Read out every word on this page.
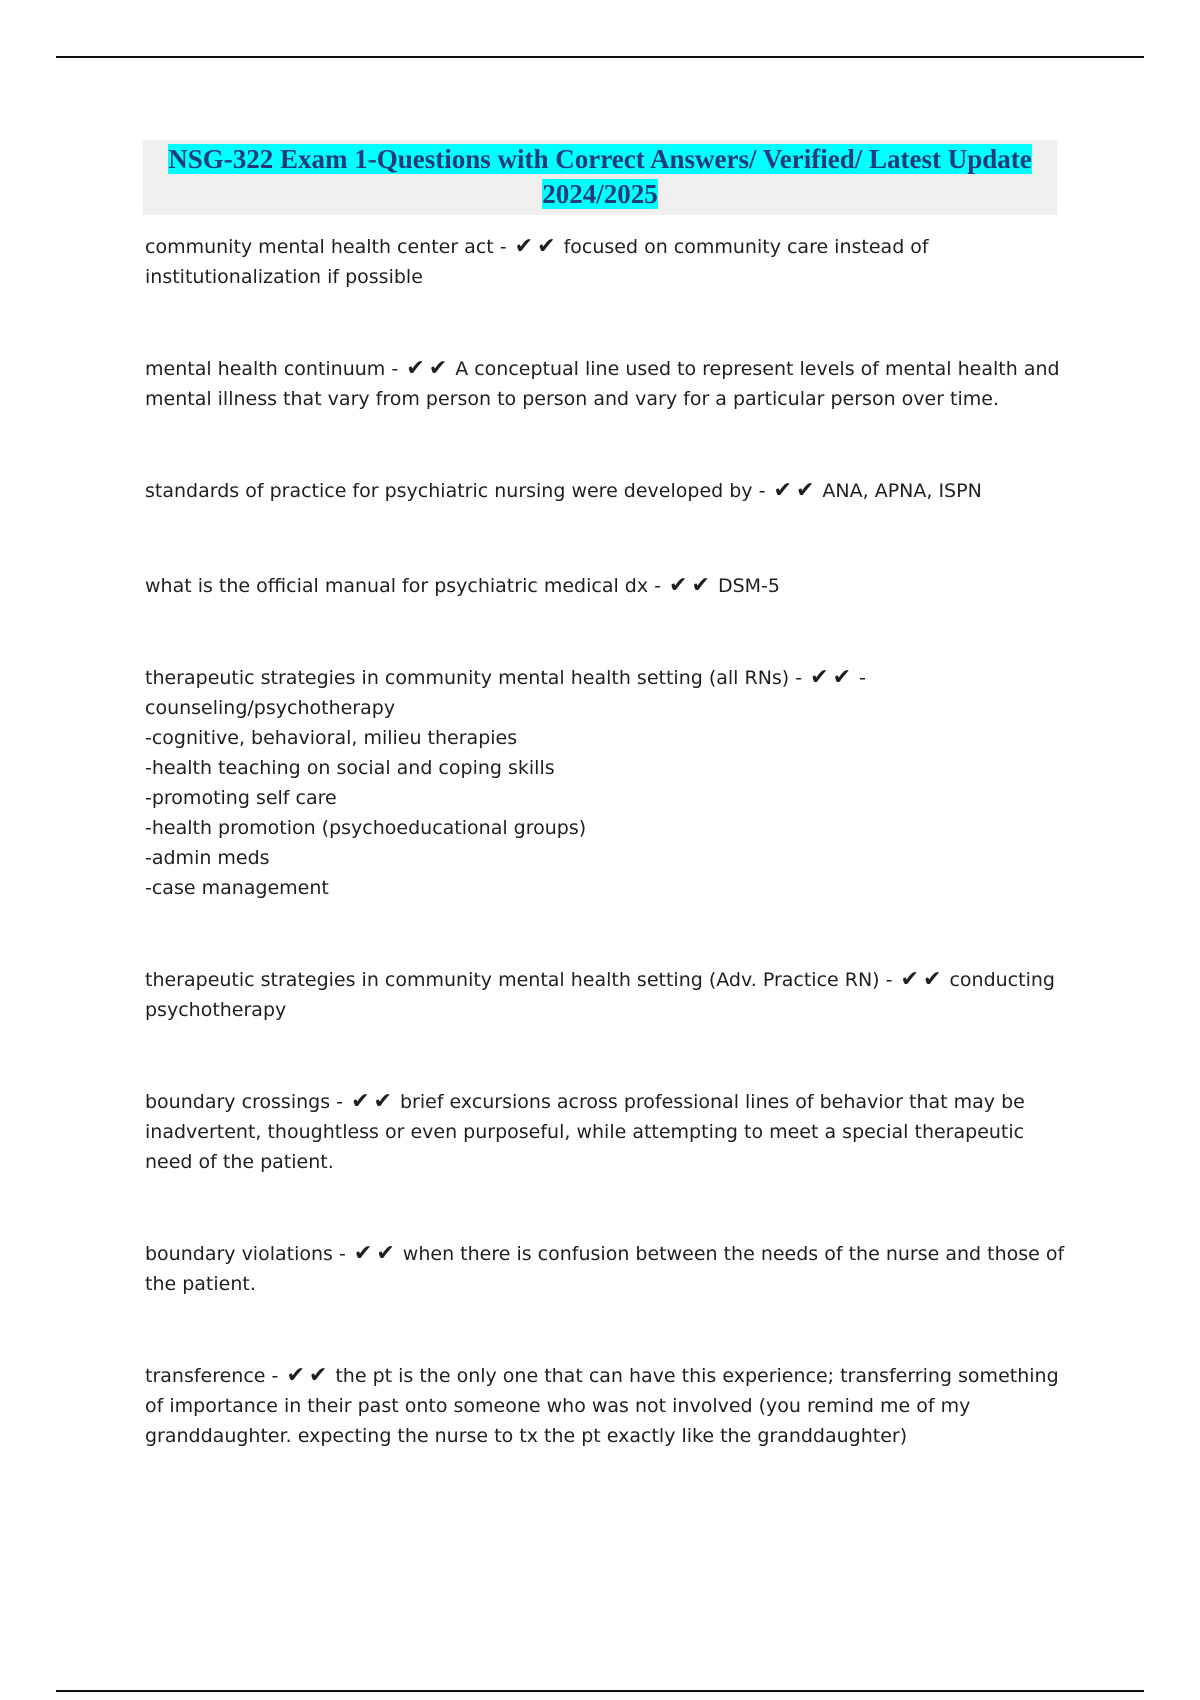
NSG-322 Exam 1-Questions with Correct Answers/ Verified/ Latest Update
2024/2025
community mental health center act - ✔ ✔ focused on community care instead of institutionalization if possible
mental health continuum - ✔ ✔ A conceptual line used to represent levels of mental health and mental illness that vary from person to person and vary for a particular person over time.
standards of practice for psychiatric nursing were developed by - ✔ ✔ ANA, APNA, ISPN
what is the official manual for psychiatric medical dx - ✔ ✔ DSM-5
therapeutic strategies in community mental health setting (all RNs) - ✔ ✔ - counseling/psychotherapy

-cognitive, behavioral, milieu therapies

-health teaching on social and coping skills

-promoting self care

-health promotion (psychoeducational groups)

-admin meds

-case management

therapeutic strategies in community mental health setting (Adv. Practice RN) - ✔ ✔ conducting psychotherapy
boundary crossings - ✔ ✔ brief excursions across professional lines of behavior that may be inadvertent, thoughtless or even purposeful, while attempting to meet a special therapeutic need of the patient.
boundary violations - ✔ ✔ when there is confusion between the needs of the nurse and those of the patient.
transference - ✔ ✔ the pt is the only one that can have this experience; transferring something of importance in their past onto someone who was not involved (you remind me of my granddaughter. expecting the nurse to tx the pt exactly like the granddaughter)
